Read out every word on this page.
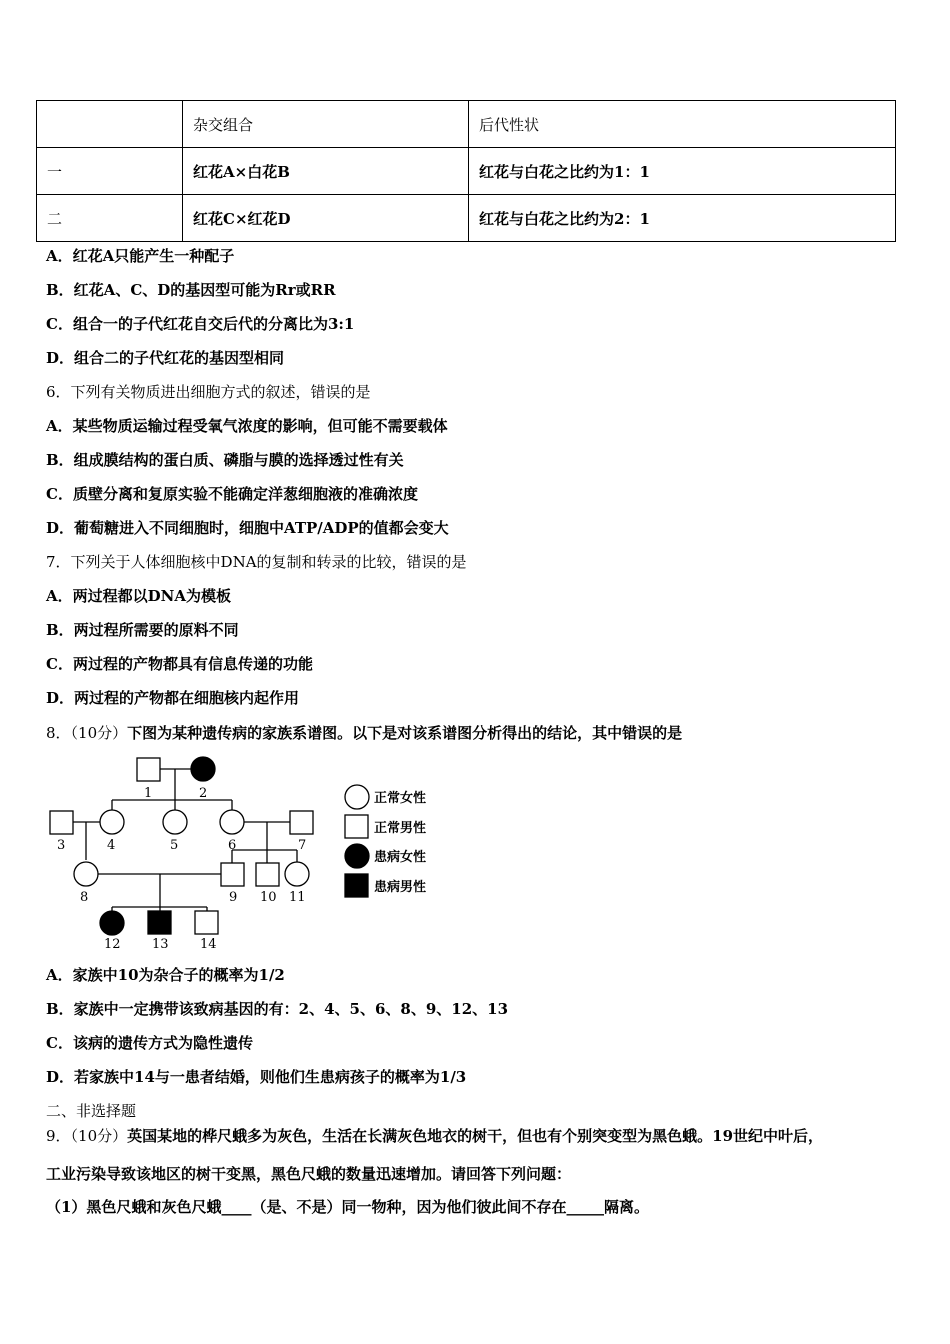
	杂交组合	后代性状
一	红花A×白花B	红花与白花之比约为1：1
二	红花C×红花D	红花与白花之比约为2：1
A．红花A只能产生一种配子
B．红花A、C、D的基因型可能为Rr或RR
C．组合一的子代红花自交后代的分离比为3:1
D．组合二的子代红花的基因型相同
6．下列有关物质进出细胞方式的叙述，错误的是
A．某些物质运输过程受氧气浓度的影响，但可能不需要载体
B．组成膜结构的蛋白质、磷脂与膜的选择透过性有关
C．质壁分离和复原实验不能确定洋葱细胞液的准确浓度
D．葡萄糖进入不同细胞时，细胞中ATP/ADP的值都会变大
7．下列关于人体细胞核中DNA的复制和转录的比较，错误的是
A．两过程都以DNA为模板
B．两过程所需要的原料不同
C．两过程的产物都具有信息传递的功能
D．两过程的产物都在细胞核内起作用
8．（10分）下图为某种遗传病的家族系谱图。以下是对该系谱图分析得出的结论，其中错误的是
1	2
3	4	5	6	7
8	9 10 11
12 13 14
正常女性
正常男性
患病女性
患病男性
A．家族中10为杂合子的概率为1/2
B．家族中一定携带该致病基因的有：2、4、5、6、8、9、12、13
C．该病的遗传方式为隐性遗传
D．若家族中14与一患者结婚，则他们生患病孩子的概率为1/3
二、非选择题
9．（10分）英国某地的桦尺蛾多为灰色，生活在长满灰色地衣的树干，但也有个别突变型为黑色蛾。19世纪中叶后，
工业污染导致该地区的树干变黑，黑色尺蛾的数量迅速增加。请回答下列问题：
（1）黑色尺蛾和灰色尺蛾____（是、不是）同一物种，因为他们彼此间不存在_____隔离。
